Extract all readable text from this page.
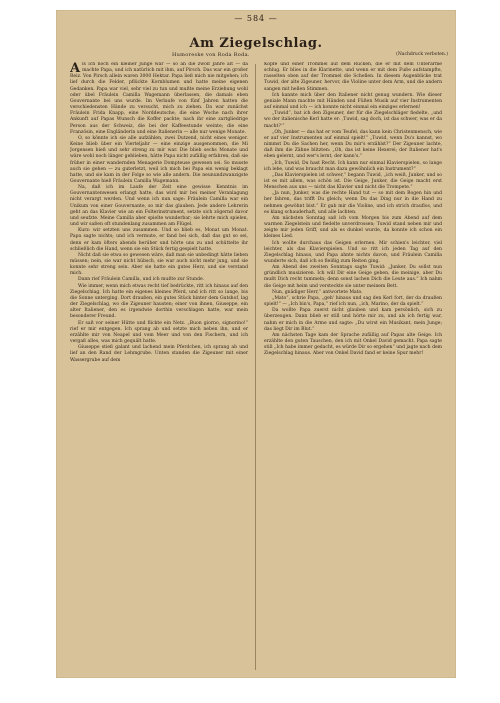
— 584 —
Am Ziegelschlag.
Humoreske von Roda Roda.	(Nachdruck verboten.)

Als ich noch ein kleiner Junge war — so an die zwölf Jahre alt — da machte Papa, und ich natürlich mit ihm, auf Pirsch. Das war ein großer Reiz. Von Pirsch allein waren 3000 Hektar. Papa ließ mich nie mitgehen; ich lief durch die Felder, pflückte Kornblumen und hatte meine eigenen Gedanken. Papa war viel, sehr viel zu tun und mußte meine Erziehung wohl oder übel Fräulein Camilla Wagemann überlassen, die damals eben Gouvernante bei uns wurde. Im Verlaufe von fünf Jahren hatten die verschiedensten Hände zu versucht, mich zu ziehen. Da war zunächst Fräulein Frida Knapp, eine Norddeutsche, die eine Woche nach ihrer Ankunft auf Papas Wunsch die Koffer packte; nach ihr eine zartgliedrige Person aus der Schweiz, die bei der Kaffeestunde weinte; die eine Französin, eine Engländerin und eine Italienerin — alle nur wenige Monate.

O, so könnte ich sie alle aufzählen, zwei Dutzend, nicht eines weniger. Keine blieb über ein Vierteljahr — eine einzige ausgenommen, die Mi Jorgensen hieß und sehr streng zu mir war. Die blieb sechs Monate und wäre wohl noch länger geblieben, hätte Papa nicht zufällig erfahren, daß sie früher in einer wandernden Menagerie Dompteuse gewesen sei. So musste auch sie gehen — zu guterletzt, weil ich mich bei Papa ein wenig beklagt hatte, und sie kam in der Folge so wie alle andern. Die neunundzwanzigste Gouvernante hieß Fräulein Camilla Wagemann.

Na, daß ich im Laufe der Zeit eine gewisse Kenntnis im Gouvernantenwesen erlangt hatte, das wird mir bei meiner Veranlagung nicht verargt werden. Und wenn ich nun sage: Fräulein Camilla war ein Unikum von einer Gouvernante, so mir das glauben. Jede andere Lehrerin geht an das Klavier wie an ein Folterinstrument, setzte sich zögernd davor und seufzte. Meine Camilla aber spielte wunderbar; sie lehrte mich spielen, und wir saßen oft stundenlang zusammen am Flügel.

Kurz: wir setzten uns zusammen. Und so blieb es, Monat um Monat. Papa sagte nichts; und ich vermute, er fand bei sich, daß das gut so sei, denn er kam öfters abends herüber und hörte uns zu und schüttelte ihr schließlich die Hand, wenn sie ein Stück fertig gespielt hatte.

Nicht daß sie etwa so gewesen wäre, daß man sie unbedingt hätte lieben müssen; nein, sie war nicht hübsch, sie war auch nicht mehr jung, und sie konnte sehr streng sein. Aber sie hatte ein gutes Herz, und sie verstand mich.

Dann rief Fräulein Camilla, und ich mußte zur Stunde.

Wie immer, wenn mich etwas recht tief bedrückte, ritt ich hinaus auf den Ziegelschlag. Ich hatte ein eigenes kleines Pferd, und ich ritt so lange, bis die Sonne unterging. Dort draußen, ein gutes Stück hinter dem Gutshof, lag der Ziegelschlag, wo die Zigeuner hausten; einer von ihnen, Giuseppe, ein alter Italiener, den es irgendwie dorthin verschlagen hatte, war mein besonderer Freund.

Er saß vor seiner Hütte und flickte ein Netz. „Buon giorno, signorino!“ rief er mir entgegen. Ich sprang ab und setzte mich neben ihn, und er erzählte mir von Neapel und vom Meer und von den Fischern, und ich vergaß alles, was mich gequält hatte.

Giuseppe stieß galant und lachend mein Pferdchen, ich sprang ab und lief an den Rand der Lehmgrube. Unten standen die Zigeuner mit einer Wassergrube auf dem

Kopfe und einer Trommel auf dem Rücken, die er mit dem Unterarme schlug. Er blies in die Klarinette, und wenn er mit dem Fuße aufstampfte, rasselten oben auf der Trommel die Schellen. In diesem Augenblicke trat Tuwid, der alte Zigeuner, hervor, die Violine unter dem Arm, und die andern sangen mit hellen Stimmen.

Ich kannte mich über den Italiener nicht genug wundern. Wie dieser geniale Mann machte mit Händen und Füßen Musik auf vier Instrumenten auf einmal und ich — ich konnte nicht einmal ein einziges erlernen!

„Tuwid“, bat ich den Zigeuner, der für die Ziegelschläger fiedelte, „und wo der italienische Kerl hatte er: ‚Tuwid, sag doch, ist das schwer, was er da macht?‘“

„Oh, Junker — das hat er vom Teufel, das kann kein Christenmensch, wie er auf vier Instrumenten auf einmal spielt!“ „Tuwid, wenn Du's kannst, wo nimmst Du die Sachen her, wenn Du mir's erzählst?“ Der Zigeuner lachte, daß ihm die Zähne blitzten: „Oh, das ist keine Hexerei; der Italiener hat's eben gelernt, und wer's lernt, der kann's.“

„Ich, Tuwid, Du hast Recht. Ich kann nur einmal Klavierspielen, so lange ich lebe, und was braucht man dazu gewöhnlich ein Instrument?“

„Das Klavierspielen ist schwer,“ begann Tuwid, „ich weiß, Junker, und so ist es mit allem, was schön ist. Die Geige, Junker, die Geige macht erst Menschen aus uns — nicht das Klavier und nicht die Trompete.“

„Ja nun, Junker, was die rechte Hand tut — so mit dem Bogen hin und her fahren, das trifft Du gleich; wenn Du das Ding nur in die Hand zu nehmen gewöhnt bist.“ Er gab mir die Violine, und ich strich drauflos, und es klang schauderhaft, und alle lachten.

Am nächsten Sonntag saß ich vom Morgen bis zum Abend auf dem warmen Ziegelstein und fiedelte unverdrossen; Tuwid stand neben mir und zeigte mir jeden Griff, und als es dunkel wurde, da konnte ich schon ein kleines Lied.

Ich wollte durchaus das Geigen erlernen. Mir schien's leichter, viel leichter, als das Klavierspielen. Und so ritt ich jeden Tag auf den Ziegelschlag hinaus, und Papa ahnte nichts davon, und Fräulein Camilla wunderte sich, daß ich so fleißig zum Reiten ging.

Am Abend des zweiten Sonntags sagte Tuwid: „Junker, Du sollst nun gründlich musizieren. Ich will Dir eine Geige geben, die meinige, aber Du mußt Dich recht tummeln; denn sonst lachen Dich die Leute aus.“ Ich nahm die Geige mit heim und versteckte sie unter meinem Bett.

Nun, gnädiger Herr,“ antwortete Mato.

„Mato“, schrie Papa, „geh' hinaus und sag den Kerl fort, der da draußen spielt!“ — „Ich bin's, Papa,“ rief ich nun, „ich, Marino, der da spielt.“

Da wollte Papa zuerst nicht glauben und kam persönlich, sich zu überzeugen. Dann blieb er still und hörte mir zu, und als ich fertig war, nahm er mich in die Arme und sagte: „Du wirst ein Musikant, mein Junge; das liegt Dir im Blut.“

Am nächsten Tage kam der Sprache zufällig auf Papas alte Geige. Ich erzählte den guten Tauschen, den ich mit Onkel David gemacht. Papa sagte still „Ich habe immer gedacht, es würde Dir so ergehen“ und jagte nach dem Ziegelschlag hinaus. Aber von Onkel David fand er keine Spur mehr!
